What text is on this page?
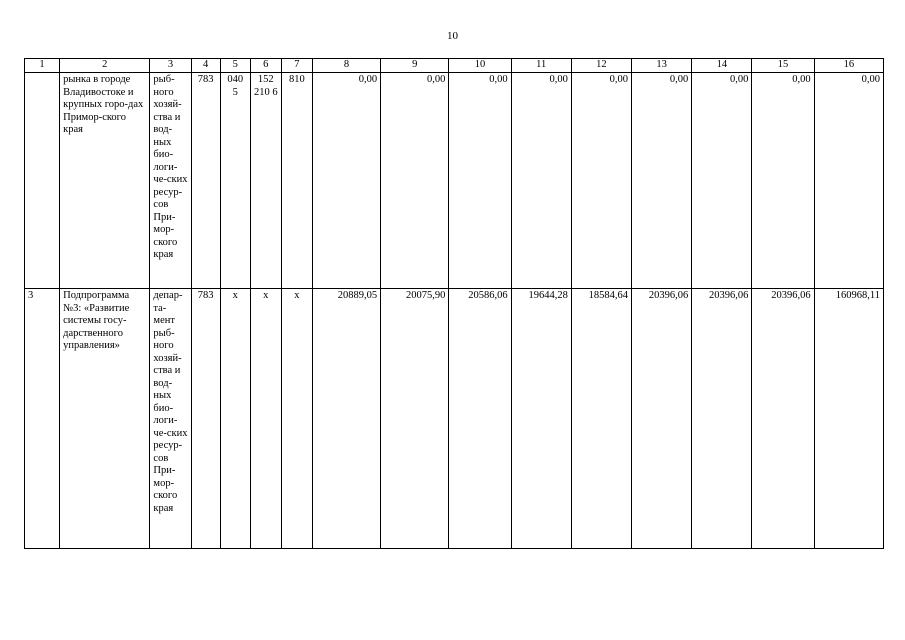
10
1	2	3	4	5	6	7	8	9	10	11	12	13	14	15	16
	рынка в городе Владивостоке и крупных горо-дах Примор-ского края	рыб-ного хозяй-ства и вод-ных био-логи-че-ских ресур-сов При-мор-ского края	783	040 5	152 210 6	810	0,00	0,00	0,00	0,00	0,00	0,00	0,00	0,00	0,00
3	Подпрограмма №3: «Развитие системы госу-дарственного управления»	депар-та-мент рыб-ного хозяй-ства и вод-ных био-логи-че-ских ресур-сов При-мор-ского края	783	x	x	x	20889,05	20075,90	20586,06	19644,28	18584,64	20396,06	20396,06	20396,06	160968,11
